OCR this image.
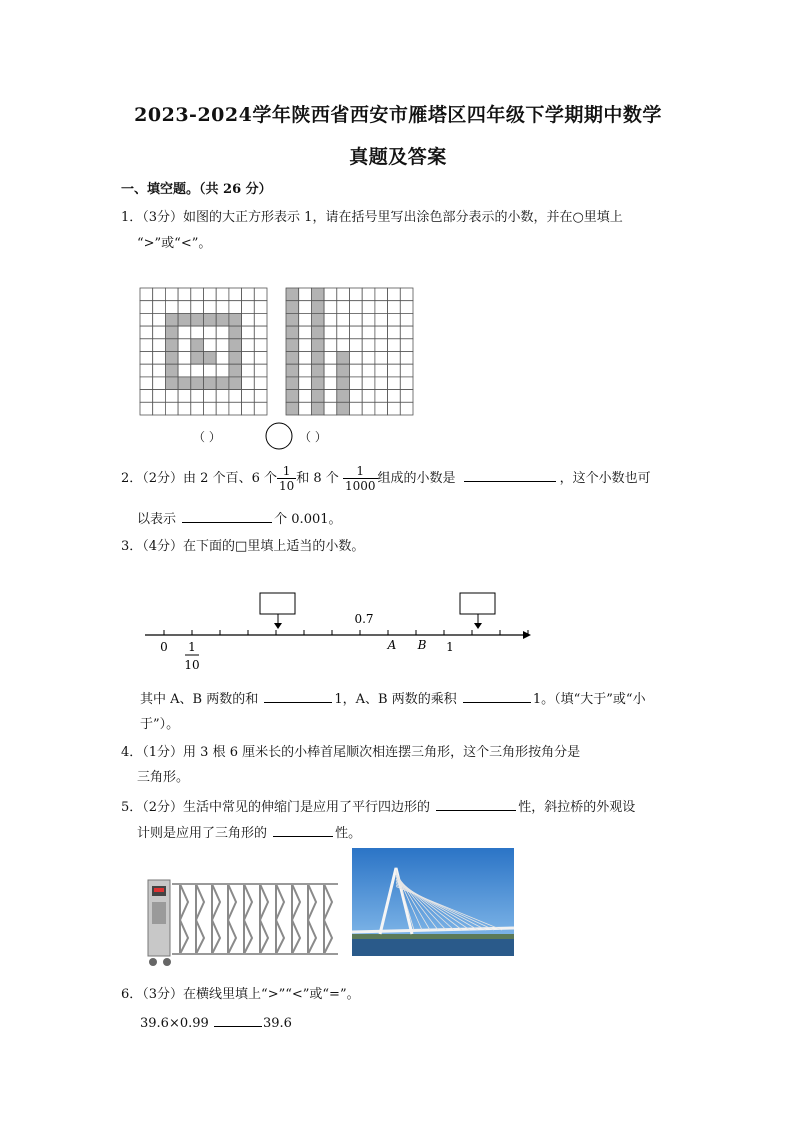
2023-2024学年陕西省西安市雁塔区四年级下学期期中数学
真题及答案
一、填空题。（共 26 分）
1．（3分）如图的大正方形表示 1，请在括号里写出涂色部分表示的小数，并在○里填上
“>”或“<”。
（ ）	（ ）
2．（2分）由 2 个百、6 个 $\frac{1}{10}$ 和 8 个 $\frac{1}{1000}$ 组成的小数是	，这个小数也可
以表示	个 0.001。
3．（4分）在下面的□里填上适当的小数。
0 1
10
0.7
A B 1
其中 A、B 两数的和	1，A、B 两数的乘积	1。（填“大于”或“小
于”）。
4．（1分）用 3 根 6 厘米长的小棒首尾顺次相连摆三角形，这个三角形按角分是
三角形。
5．（2分）生活中常见的伸缩门是应用了平行四边形的	性，斜拉桥的外观设
计则是应用了三角形的	性。
6．（3分）在横线里填上“>”“<”或“=”。
39.6×0.99	39.6
